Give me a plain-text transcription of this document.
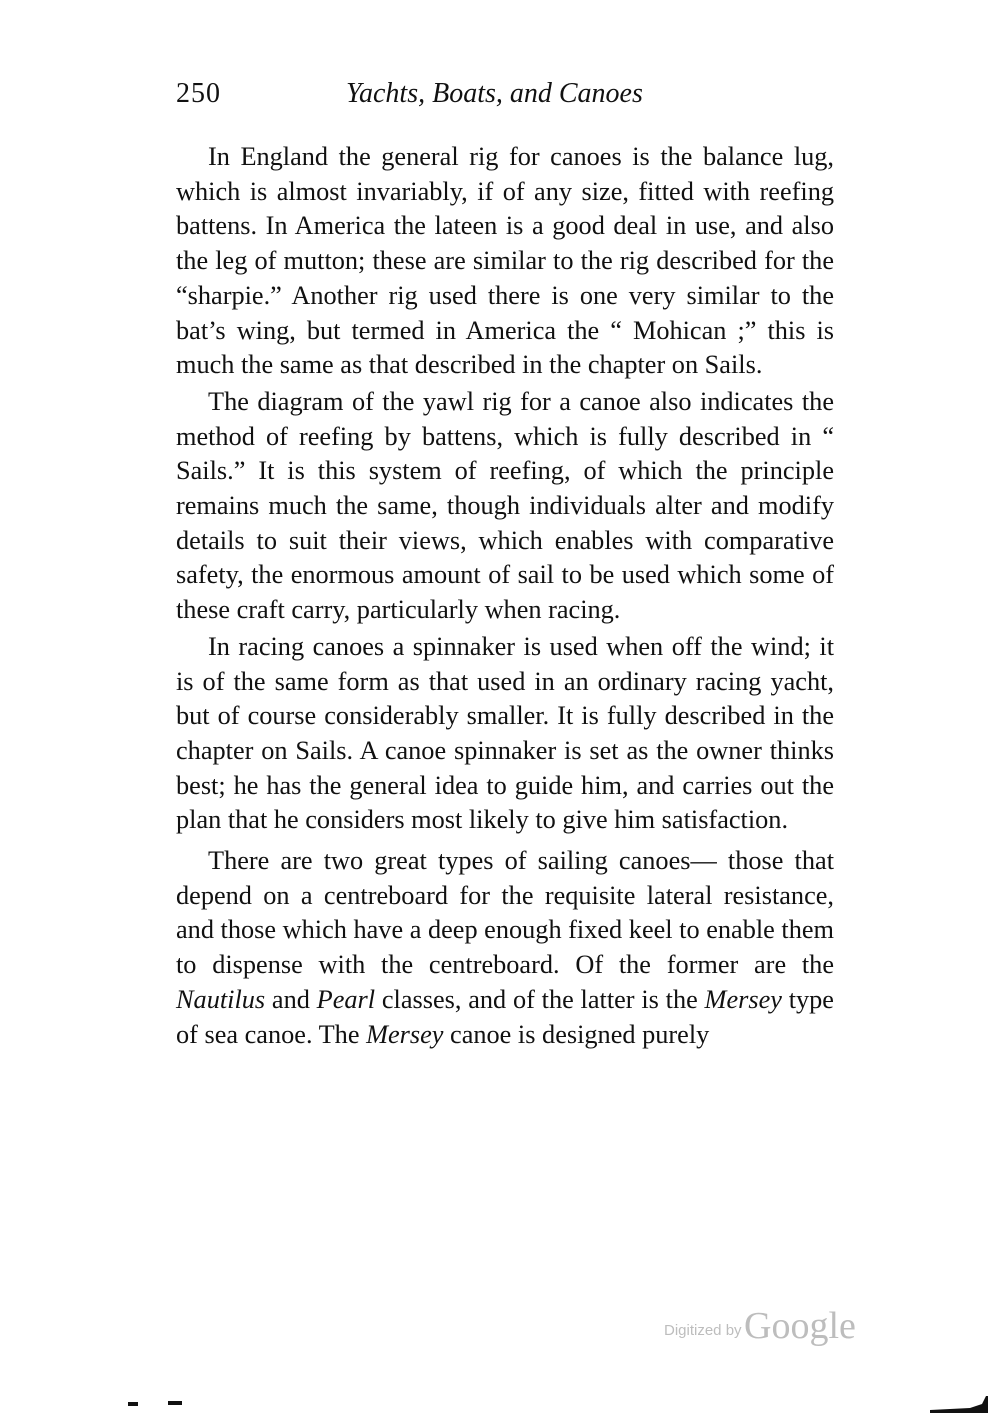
250	Yachts, Boats, and Canoes

In England the general rig for canoes is the balance lug, which is almost invariably, if of any size, fitted with reefing battens. In America the lateen is a good deal in use, and also the leg of mutton; these are similar to the rig described for the “sharpie.” Another rig used there is one very similar to the bat’s wing, but termed in America the “ Mohican ;” this is much the same as that described in the chapter on Sails.

The diagram of the yawl rig for a canoe also indicates the method of reefing by battens, which is fully described in “ Sails.” It is this system of reefing, of which the principle remains much the same, though individuals alter and modify details to suit their views, which enables with comparative safety, the enormous amount of sail to be used which some of these craft carry, particularly when racing.

In racing canoes a spinnaker is used when off the wind; it is of the same form as that used in an ordinary racing yacht, but of course considerably smaller. It is fully described in the chapter on Sails. A canoe spinnaker is set as the owner thinks best; he has the general idea to guide him, and carries out the plan that he considers most likely to give him satisfaction.

There are two great types of sailing canoes— those that depend on a centreboard for the requisite lateral resistance, and those which have a deep enough fixed keel to enable them to dispense with the centreboard. Of the former are the Nautilus and Pearl classes, and of the latter is the Mersey type of sea canoe. The Mersey canoe is designed purely

Digitized by Google
